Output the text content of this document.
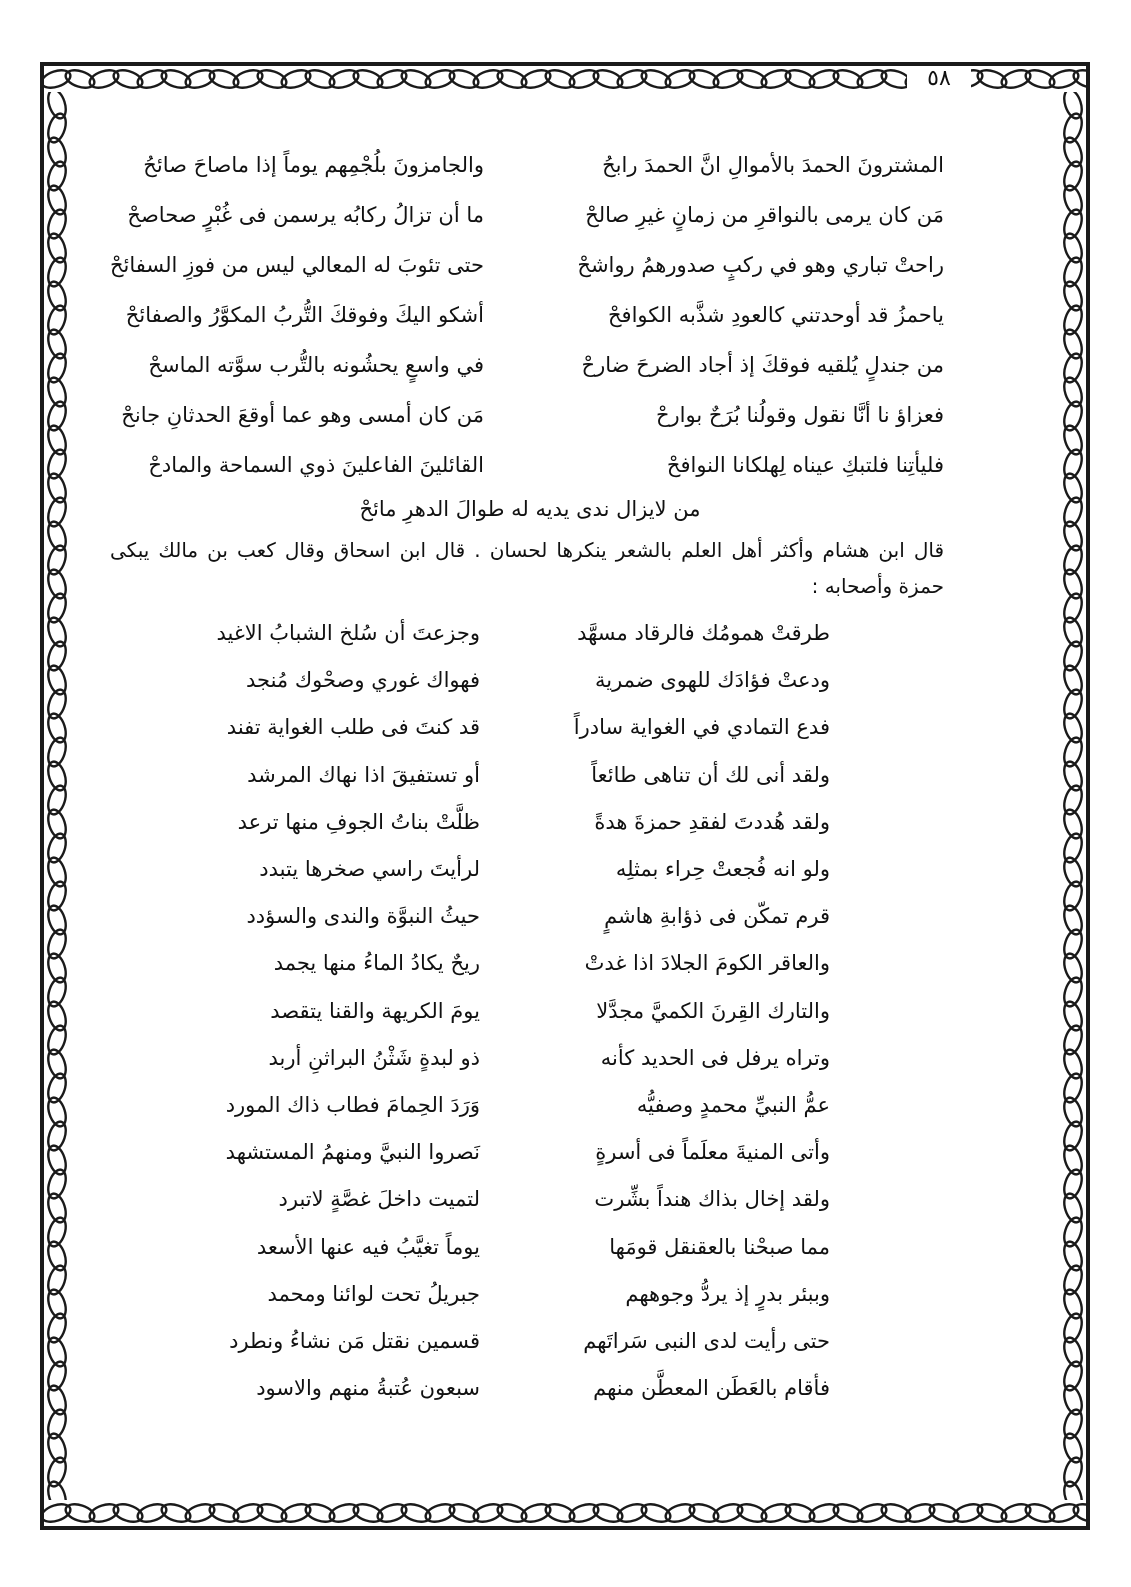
٥٨
المشترونَ الحمدَ بالأموالِ انَّ الحمدَ رابحُ	والجامزونَ بلُجْمِهم يوماً إذا ماصاحَ صائحُ
مَن كان يرمى بالنواقرِ من زمانٍ غيرِ صالحْ	ما أن تزالُ ركابُه يرسمن فى غُبْرٍ صحاصحْ
راحتْ تباري وهو في ركبٍ صدورهمُ رواشحْ	حتى تئوبَ له المعالي ليس من فوزِ السفائحْ
ياحمزُ قد أوحدتني كالعودِ شذَّبه الكوافحْ	أشكو اليكَ وفوقكَ التُّربُ المكوَّرُ والصفائحْ
من جندلٍ يُلقيه فوقكَ إذ أجاد الضرحَ ضارحْ	في واسعٍ يحشُونه بالتُّرب سوَّته الماسحْ
فعزاؤ نا أنَّا نقول وقولُنا بُرَحٌ بوارحْ	مَن كان أمسى وهو عما أوقعَ الحدثانِ جانحْ
فليأتِنا فلتبكِ عيناه لِهلكانا النوافحْ	القائلينَ الفاعلينَ ذوي السماحة والمادحْ
من لايزال ندى يديه له طوالَ الدهرِ مائحْ
قال ابن هشام وأكثر أهل العلم بالشعر ينكرها لحسان . قال ابن اسحاق وقال كعب بن مالك يبكى حمزة وأصحابه :
طرقتْ همومُك فالرقاد مسهَّد	وجزعتَ أن سُلخ الشبابُ الاغيد
ودعتْ فؤادَك للهوى ضمرية	فهواك غوري وصحْوك مُنجد
فدع التمادي في الغواية سادراً	قد كنتَ فى طلب الغواية تفند
ولقد أنى لك أن تناهى طائعاً	أو تستفيقَ اذا نهاك المرشد
ولقد هُددتَ لفقدِ حمزةَ هدةً	ظلَّتْ بناتُ الجوفِ منها ترعد
ولو انه فُجعتْ حِراء بمثلِه	لرأيتَ راسي صخرها يتبدد
قرم تمكّن فى ذؤابةِ هاشمٍ	حيثُ النبوَّة والندى والسؤدد
والعاقر الكومَ الجلادَ اذا غدتْ	ريحٌ يكادُ الماءُ منها يجمد
والتارك القِرنَ الكميَّ مجدَّلا	يومَ الكريهة والقنا يتقصد
وتراه يرفل فى الحديد كأنه	ذو لبدةٍ شَثْنُ البراثنِ أربد
عمُّ النبيِّ محمدٍ وصفيُّه	وَرَدَ الحِمامَ فطاب ذاك المورد
وأتى المنيةَ معلَماً فى أسرةٍ	نَصروا النبيَّ ومنهمُ المستشهد
ولقد إخال بذاك هنداً بشِّرت	لتميت داخلَ غصَّةٍ لاتبرد
مما صبحْنا بالعقنقل قومَها	يوماً تغيَّبُ فيه عنها الأسعد
وببئر بدرٍ إذ يردُّ وجوههم	جبريلُ تحت لوائنا ومحمد
حتى رأيت لدى النبى سَراتَهم	قسمين نقتل مَن نشاءُ ونطرد
فأقام بالعَطَن المعطَّن منهم	سبعون عُتبةُ منهم والاسود
